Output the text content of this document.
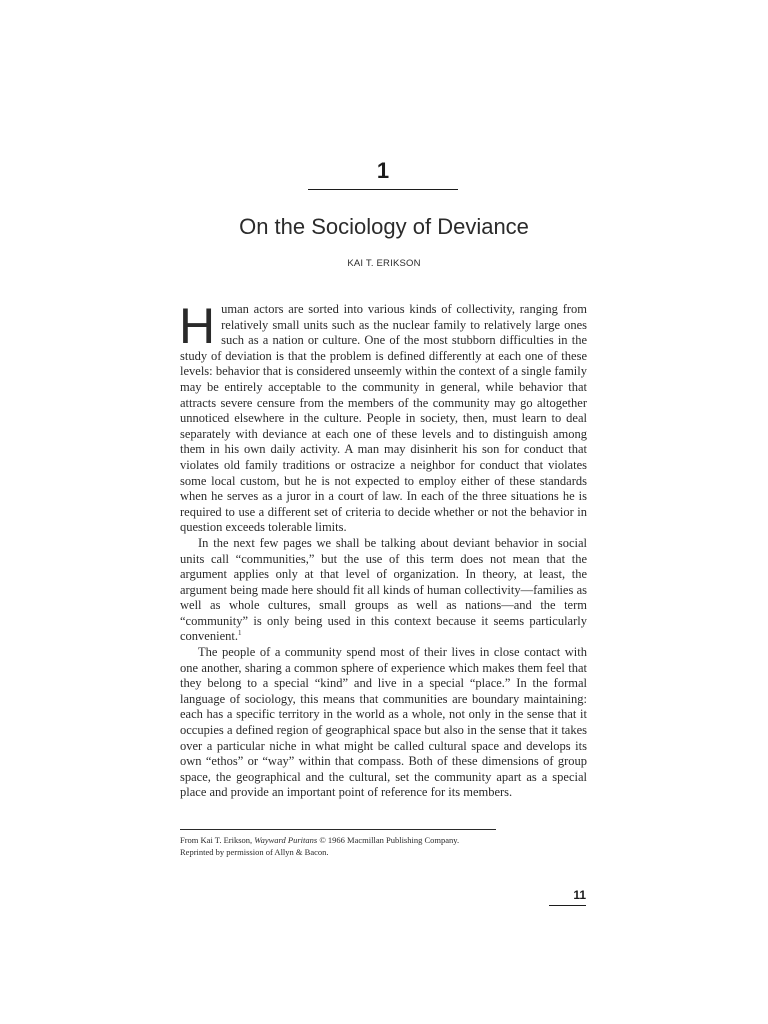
1
On the Sociology of Deviance
KAI T. ERIKSON

Human actors are sorted into various kinds of collectivity, ranging from relatively small units such as the nuclear family to relatively large ones such as a nation or culture. One of the most stubborn difficulties in the study of deviation is that the problem is defined differently at each one of these levels: behavior that is considered unseemly within the context of a single family may be entirely acceptable to the community in general, while behavior that attracts severe censure from the members of the community may go altogether unnoticed elsewhere in the culture. People in society, then, must learn to deal separately with deviance at each one of these levels and to distinguish among them in his own daily activity. A man may disinherit his son for conduct that violates old family traditions or ostracize a neighbor for conduct that violates some local custom, but he is not expected to employ either of these standards when he serves as a juror in a court of law. In each of the three situations he is required to use a different set of criteria to decide whether or not the behavior in question exceeds tolerable limits.

In the next few pages we shall be talking about deviant behavior in social units call “communities,” but the use of this term does not mean that the argument applies only at that level of organization. In theory, at least, the argument being made here should fit all kinds of human collectivity—families as well as whole cultures, small groups as well as nations—and the term “community” is only being used in this context because it seems particularly convenient.$^1$

The people of a community spend most of their lives in close contact with one another, sharing a common sphere of experience which makes them feel that they belong to a special “kind” and live in a special “place.” In the formal language of sociology, this means that communities are boundary maintaining: each has a specific territory in the world as a whole, not only in the sense that it occupies a defined region of geographical space but also in the sense that it takes over a particular niche in what might be called cultural space and develops its own “ethos” or “way” within that compass. Both of these dimensions of group space, the geographical and the cultural, set the community apart as a special place and provide an important point of reference for its members.

From Kai T. Erikson, Wayward Puritans © 1966 Macmillan Publishing Company.
Reprinted by permission of Allyn & Bacon.
11
